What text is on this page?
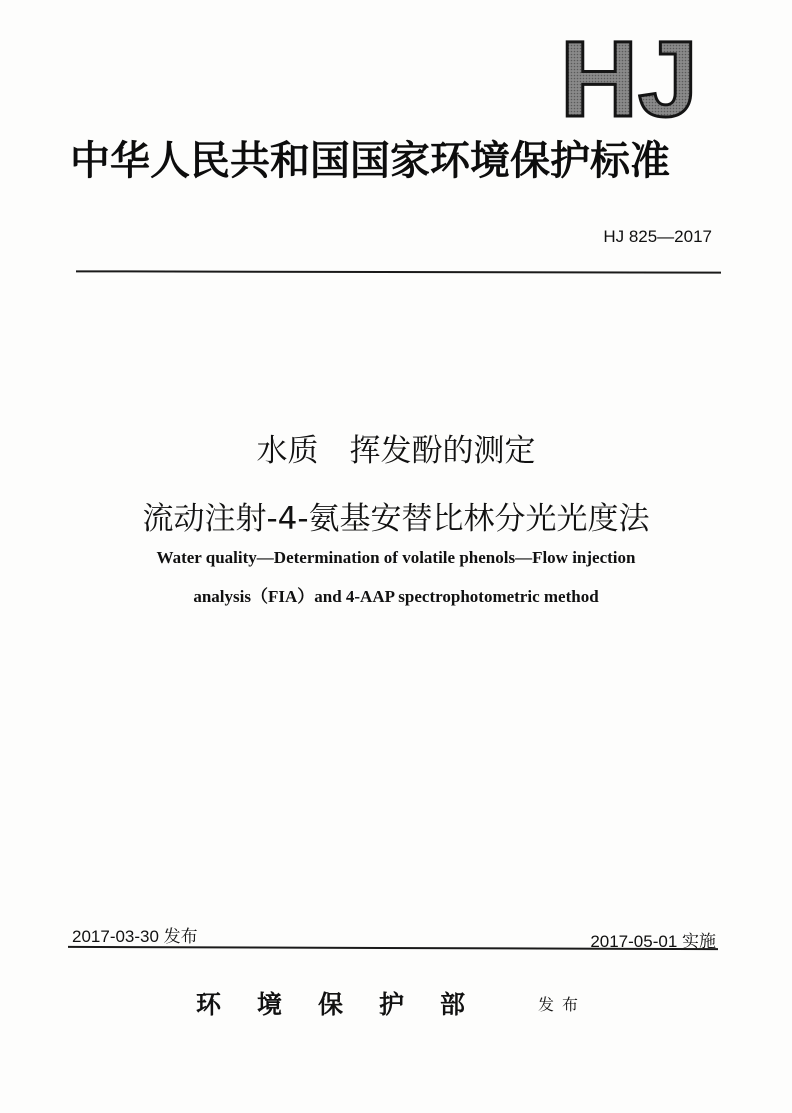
HJ
中华人民共和国国家环境保护标准
HJ 825—2017
水质　挥发酚的测定
流动注射-4-氨基安替比林分光光度法
Water quality—Determination of volatile phenols—Flow injection
analysis（FIA）and 4-AAP spectrophotometric method
2017-03-30 发布	2017-05-01 实施
环境保护部 发布
